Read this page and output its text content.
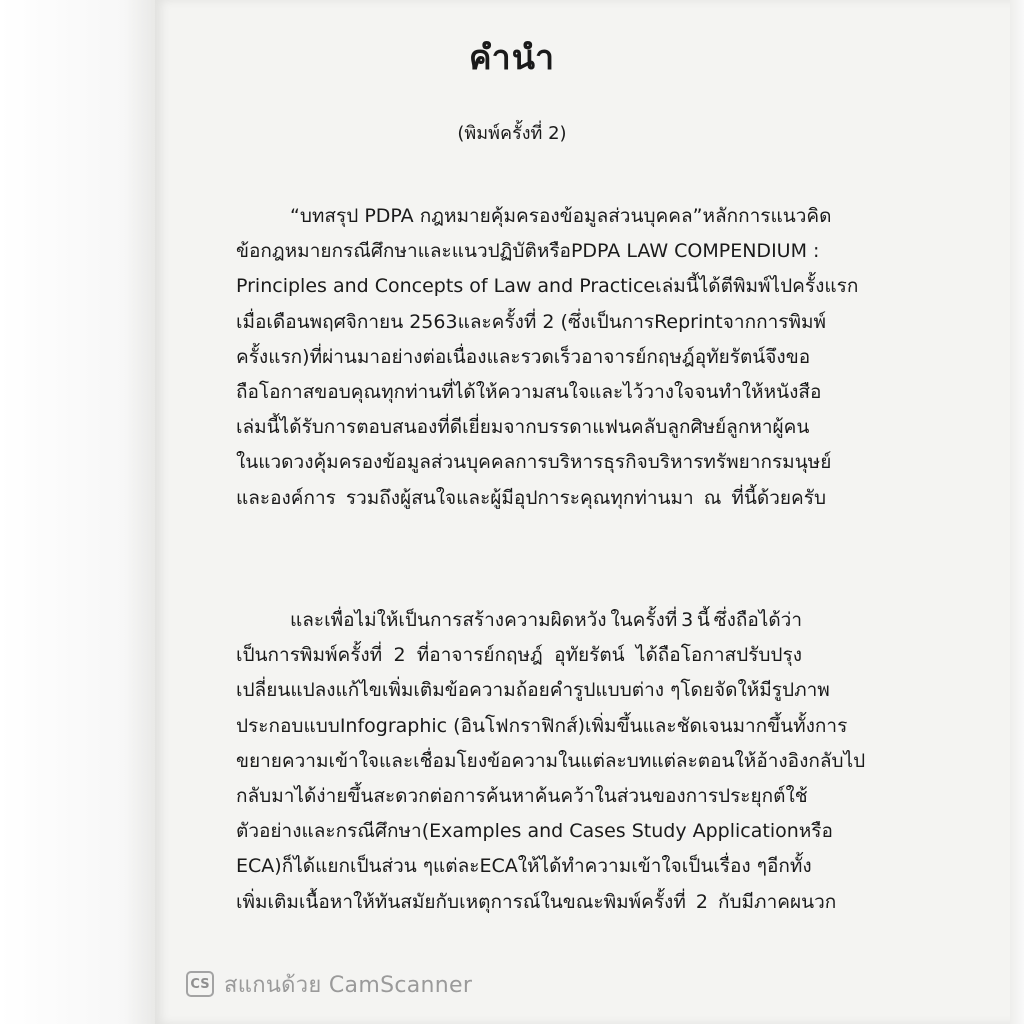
คำนำ
(พิมพ์ครั้งที่ 2)
“บทสรุป PDPA กฎหมายคุ้มครองข้อมูลส่วนบุคคล” หลักการ แนวคิด
ข้อกฎหมาย กรณีศึกษาและแนวปฏิบัติ หรือ PDPA LAW COMPENDIUM :
Principles and Concepts of Law and Practice เล่มนี้ ได้ตีพิมพ์ไปครั้งแรก
เมื่อเดือนพฤศจิกายน 2563 และครั้งที่ 2 (ซึ่งเป็นการ Reprint จากการพิมพ์
ครั้งแรก) ที่ผ่านมาอย่างต่อเนื่องและรวดเร็ว อาจารย์กฤษฎ์ อุทัยรัตน์ จึงขอ
ถือโอกาสขอบคุณทุกท่านที่ได้ให้ความสนใจและไว้วางใจ จนทำให้หนังสือ
เล่มนี้ได้รับการตอบสนองที่ดีเยี่ยมจากบรรดาแฟนคลับ ลูกศิษย์ลูกหา ผู้คน
ในแวดวงคุ้มครองข้อมูลส่วนบุคคล การบริหารธุรกิจ บริหารทรัพยากรมนุษย์
และองค์การ รวมถึงผู้สนใจและผู้มีอุปการะคุณทุกท่านมา ณ ที่นี้ด้วยครับ
และเพื่อไม่ให้เป็นการสร้างความผิดหวัง ในครั้งที่ 3 นี้ ซึ่งถือได้ว่า
เป็นการพิมพ์ครั้งที่ 2 ที่อาจารย์กฤษฎ์ อุทัยรัตน์ ได้ถือโอกาสปรับปรุง
เปลี่ยนแปลง แก้ไข เพิ่มเติมข้อความ ถ้อยคำ รูปแบบต่าง ๆ โดยจัดให้มีรูปภาพ
ประกอบแบบ Infographic (อินโฟกราฟิกส์) เพิ่มขึ้นและชัดเจนมากขึ้น ทั้งการ
ขยายความเข้าใจและเชื่อมโยงข้อความในแต่ละบทแต่ละตอนให้อ้างอิงกลับไป
กลับมาได้ง่ายขึ้น สะดวกต่อการค้นหาค้นคว้า ในส่วนของการประยุกต์ใช้
ตัวอย่าง และกรณีศึกษา (Examples and Cases Study Application หรือ
ECA) ก็ได้ แยกเป็นส่วน ๆ แต่ละ ECA ให้ได้ทำความเข้าใจเป็นเรื่อง ๆ อีกทั้ง
เพิ่มเติมเนื้อหาให้ทันสมัยกับเหตุการณ์ในขณะพิมพ์ครั้งที่ 2 กับมีภาคผนวก
CS สแกนด้วย CamScanner
